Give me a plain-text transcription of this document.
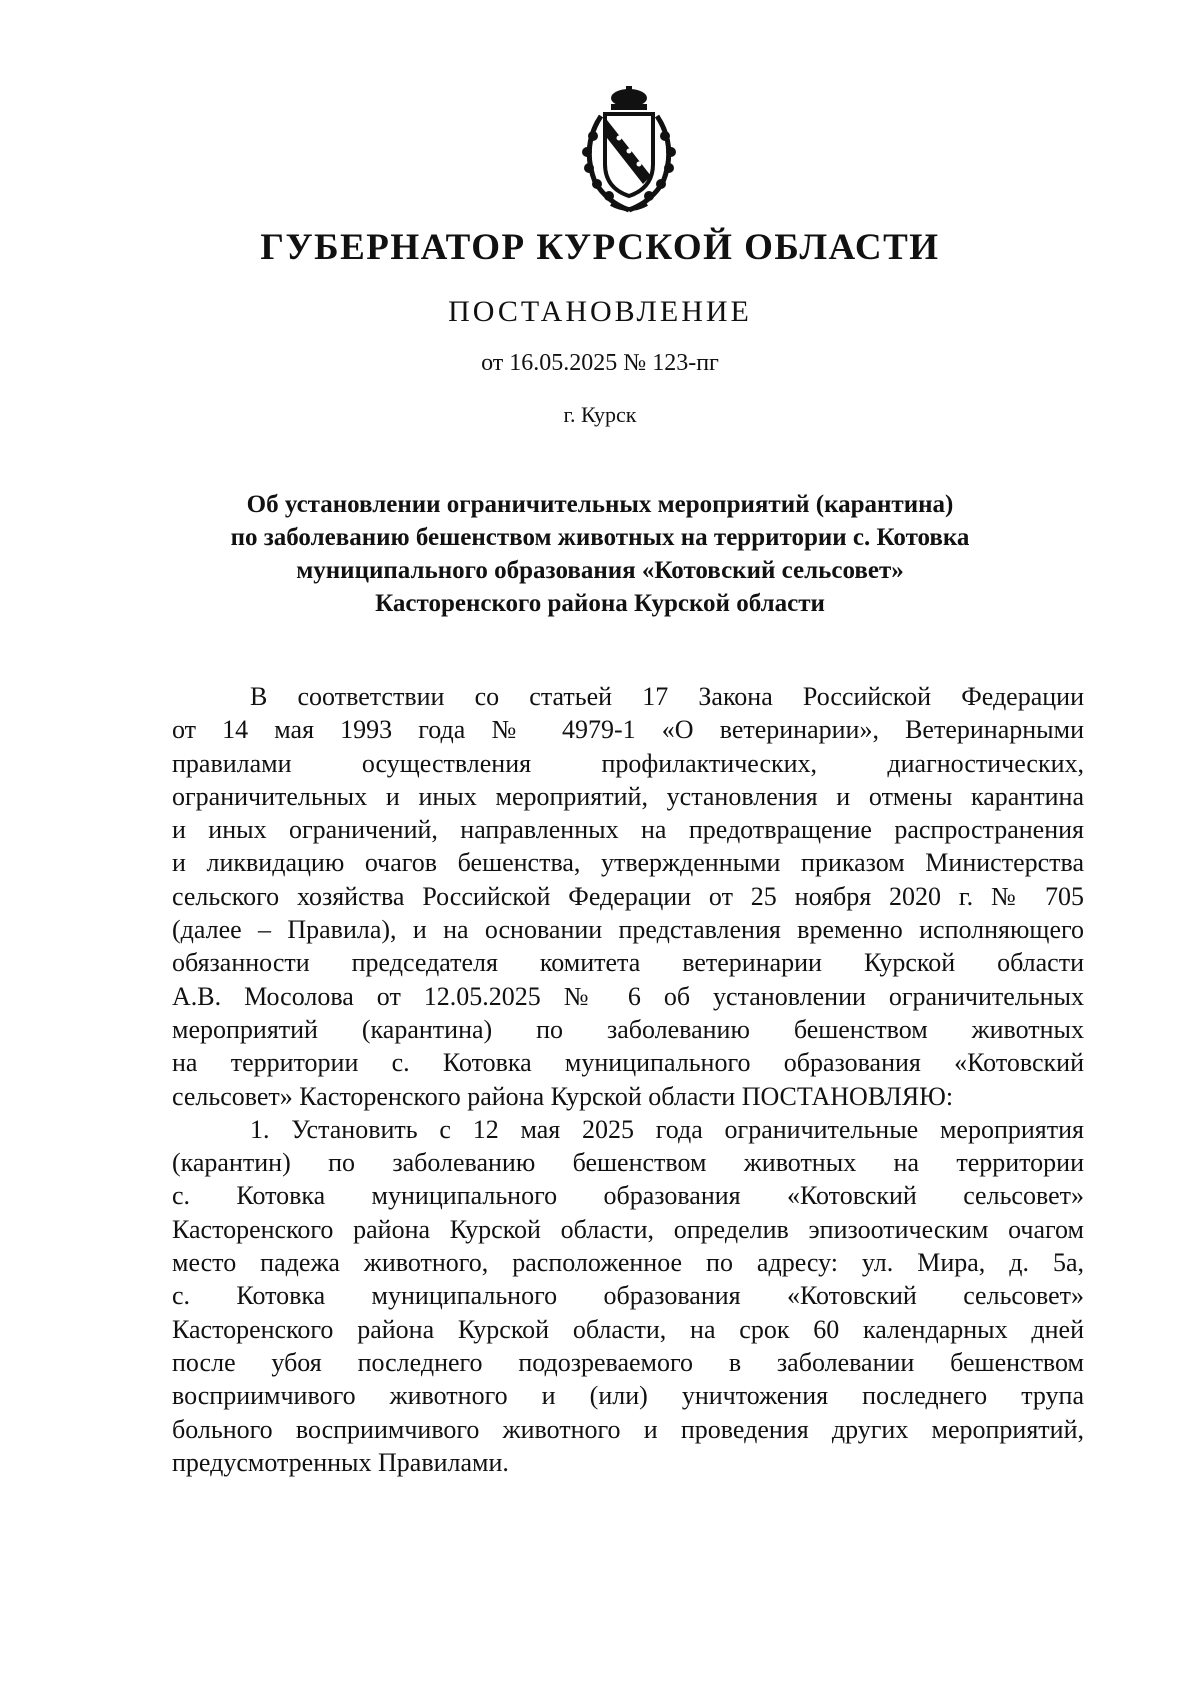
ГУБЕРНАТОР КУРСКОЙ ОБЛАСТИ
ПОСТАНОВЛЕНИЕ
от 16.05.2025 № 123-пг
г. Курск
Об установлении ограничительных мероприятий (карантина)
по заболеванию бешенством животных на территории с. Котовка
муниципального образования «Котовский сельсовет»
Касторенского района Курской области
В соответствии со статьей 17 Закона Российской Федерации
от 14 мая 1993 года № 4979-1 «О ветеринарии», Ветеринарными
правилами осуществления профилактических, диагностических,
ограничительных и иных мероприятий, установления и отмены карантина
и иных ограничений, направленных на предотвращение распространения
и ликвидацию очагов бешенства, утвержденными приказом Министерства
сельского хозяйства Российской Федерации от 25 ноября 2020 г. № 705
(далее – Правила), и на основании представления временно исполняющего
обязанности председателя комитета ветеринарии Курской области
А.В. Мосолова от 12.05.2025 № 6 об установлении ограничительных
мероприятий (карантина) по заболеванию бешенством животных
на территории с. Котовка муниципального образования «Котовский
сельсовет» Касторенского района Курской области ПОСТАНОВЛЯЮ:
1. Установить с 12 мая 2025 года ограничительные мероприятия
(карантин) по заболеванию бешенством животных на территории
с. Котовка муниципального образования «Котовский сельсовет»
Касторенского района Курской области, определив эпизоотическим очагом
место падежа животного, расположенное по адресу: ул. Мира, д. 5а,
с. Котовка муниципального образования «Котовский сельсовет»
Касторенского района Курской области, на срок 60 календарных дней
после убоя последнего подозреваемого в заболевании бешенством
восприимчивого животного и (или) уничтожения последнего трупа
больного восприимчивого животного и проведения других мероприятий,
предусмотренных Правилами.
